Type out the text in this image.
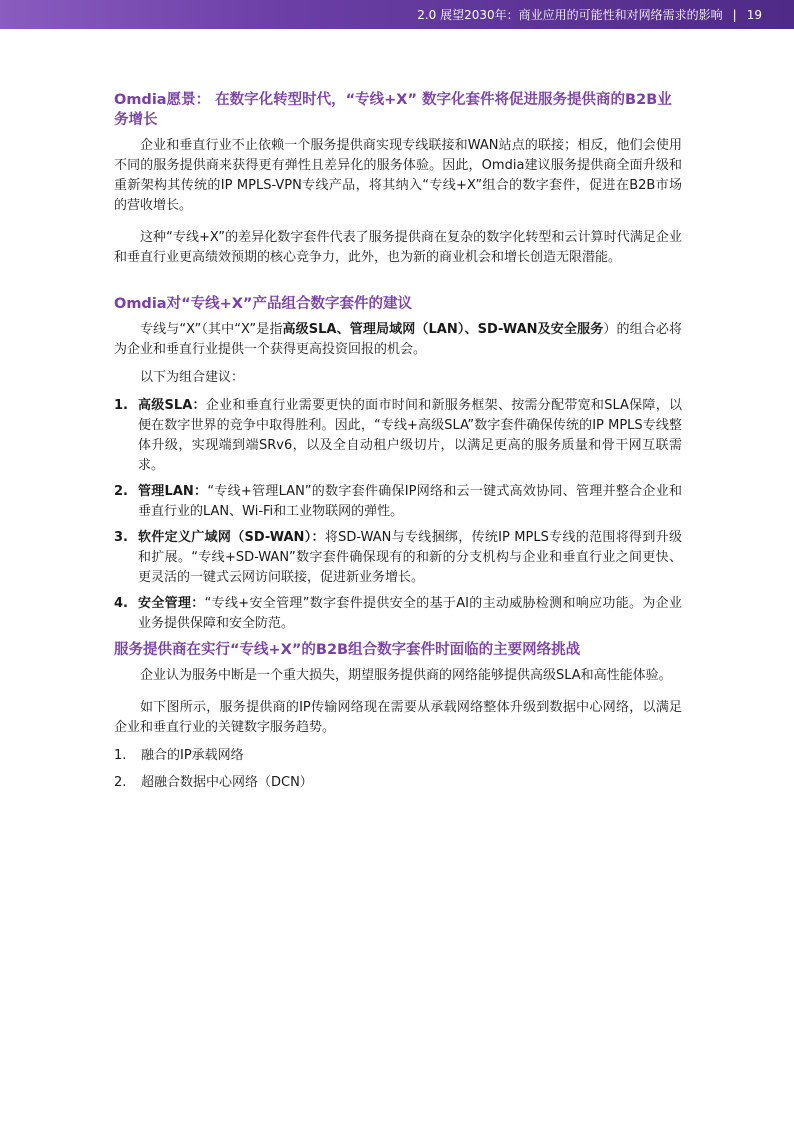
2.0 展望2030年：商业应用的可能性和对网络需求的影响 | 19
Omdia愿景： 在数字化转型时代，“专线+X” 数字化套件将促进服务提供商的B2B业务增长

企业和垂直行业不止依赖一个服务提供商实现专线联接和WAN站点的联接；相反，他们会使用不同的服务提供商来获得更有弹性且差异化的服务体验。因此，Omdia建议服务提供商全面升级和重新架构其传统的IP MPLS-VPN专线产品，将其纳入“专线+X”组合的数字套件，促进在B2B市场的营收增长。

这种“专线+X”的差异化数字套件代表了服务提供商在复杂的数字化转型和云计算时代满足企业和垂直行业更高绩效预期的核心竞争力，此外，也为新的商业机会和增长创造无限潜能。

Omdia对“专线+X”产品组合数字套件的建议

专线与“X”（其中“X”是指高级SLA、管理局域网（LAN）、SD-WAN及安全服务）的组合必将为企业和垂直行业提供一个获得更高投资回报的机会。

以下为组合建议：

1. 高级SLA：企业和垂直行业需要更快的面市时间和新服务框架、按需分配带宽和SLA保障，以便在数字世界的竞争中取得胜利。因此，“专线+高级SLA”数字套件确保传统的IP MPLS专线整体升级，实现端到端SRv6，以及全自动租户级切片，以满足更高的服务质量和骨干网互联需求。
2. 管理LAN：“专线+管理LAN”的数字套件确保IP网络和云一键式高效协同、管理并整合企业和垂直行业的LAN、Wi-Fi和工业物联网的弹性。
3. 软件定义广域网（SD-WAN）：将SD-WAN与专线捆绑，传统IP MPLS专线的范围将得到升级和扩展。“专线+SD-WAN”数字套件确保现有的和新的分支机构与企业和垂直行业之间更快、更灵活的一键式云网访问联接，促进新业务增长。
4. 安全管理：“专线+安全管理”数字套件提供安全的基于AI的主动威胁检测和响应功能。为企业业务提供保障和安全防范。
服务提供商在实行“专线+X”的B2B组合数字套件时面临的主要网络挑战

企业认为服务中断是一个重大损失，期望服务提供商的网络能够提供高级SLA和高性能体验。

如下图所示，服务提供商的IP传输网络现在需要从承载网络整体升级到数据中心网络，以满足企业和垂直行业的关键数字服务趋势。

1. 融合的IP承载网络
2. 超融合数据中心网络（DCN）
